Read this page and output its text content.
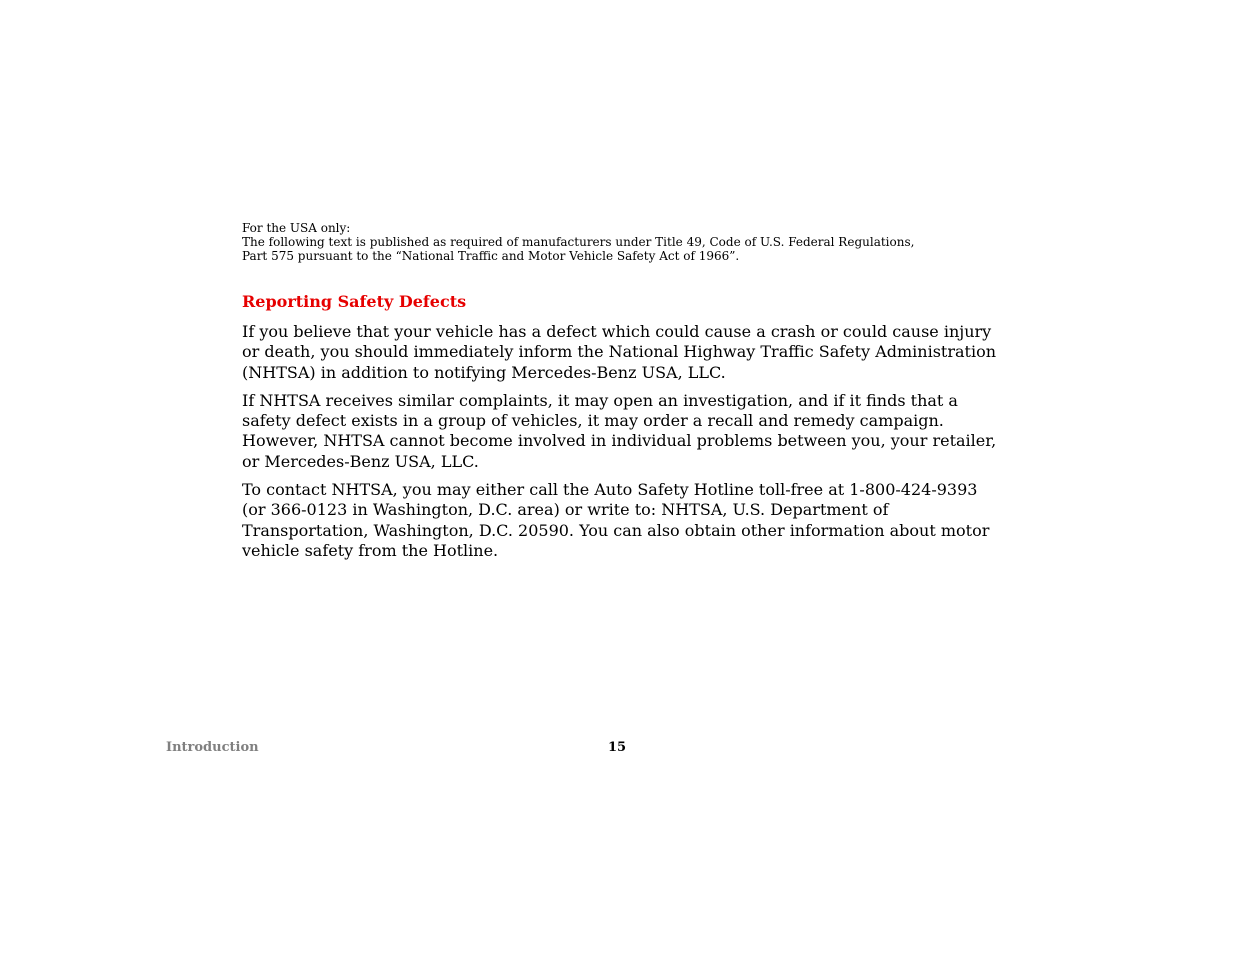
For the USA only:
The following text is published as required of manufacturers under Title 49, Code of U.S. Federal Regulations,
Part 575 pursuant to the “National Traffic and Motor Vehicle Safety Act of 1966”.
Reporting Safety Defects

If you believe that your vehicle has a defect which could cause a crash or could cause injury or death, you should immediately inform the National Highway Traffic Safety Administration (NHTSA) in addition to notifying Mercedes-Benz USA, LLC.

If NHTSA receives similar complaints, it may open an investigation, and if it finds that a safety defect exists in a group of vehicles, it may order a recall and remedy campaign. However, NHTSA cannot become involved in individual problems between you, your retailer, or Mercedes-Benz USA, LLC.

To contact NHTSA, you may either call the Auto Safety Hotline toll-free at 1-800-424-9393 (or 366-0123 in Washington, D.C. area) or write to: NHTSA, U.S. Department of Transportation, Washington, D.C. 20590. You can also obtain other information about motor vehicle safety from the Hotline.

Introduction	15
